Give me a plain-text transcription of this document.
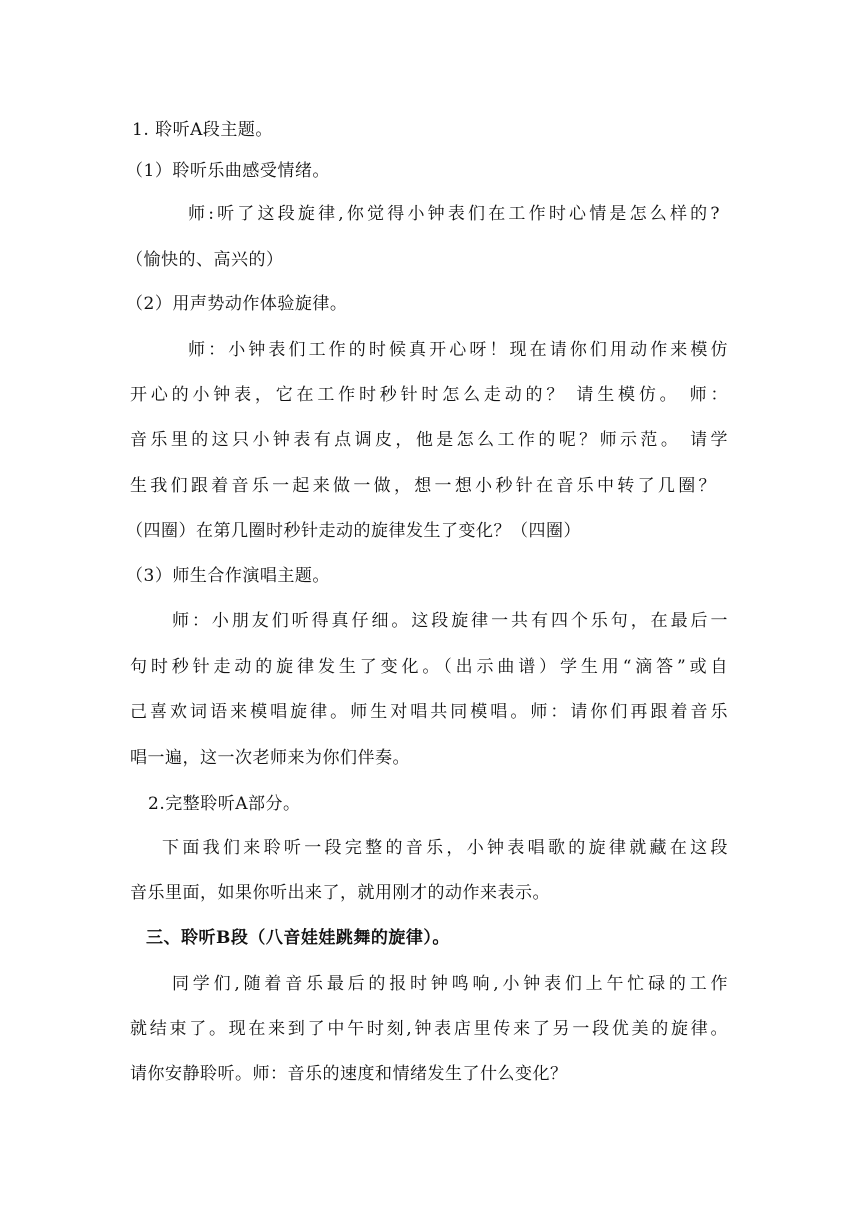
1. 聆听A段主题。
（1）聆听乐曲感受情绪。
师:听了这段旋律,你觉得小钟表们在工作时心情是怎么样的?
（愉快的、高兴的）
（2）用声势动作体验旋律。
师：小钟表们工作的时候真开心呀！现在请你们用动作来模仿
开心的小钟表，它在工作时秒针时怎么走动的？ 请生模仿。 师：
音乐里的这只小钟表有点调皮，他是怎么工作的呢？师示范。 请学
生我们跟着音乐一起来做一做，想一想小秒针在音乐中转了几圈？
（四圈）在第几圈时秒针走动的旋律发生了变化？（四圈）
（3）师生合作演唱主题。
师：小朋友们听得真仔细。这段旋律一共有四个乐句，在最后一
句时秒针走动的旋律发生了变化。（出示曲谱）学生用“滴答”或自
己喜欢词语来模唱旋律。师生对唱共同模唱。师：请你们再跟着音乐
唱一遍，这一次老师来为你们伴奏。
2.完整聆听A部分。
下面我们来聆听一段完整的音乐，小钟表唱歌的旋律就藏在这段
音乐里面，如果你听出来了，就用刚才的动作来表示。
三、聆听B段（八音娃娃跳舞的旋律）。
同学们,随着音乐最后的报时钟鸣响,小钟表们上午忙碌的工作
就结束了。现在来到了中午时刻,钟表店里传来了另一段优美的旋律。
请你安静聆听。师：音乐的速度和情绪发生了什么变化？
